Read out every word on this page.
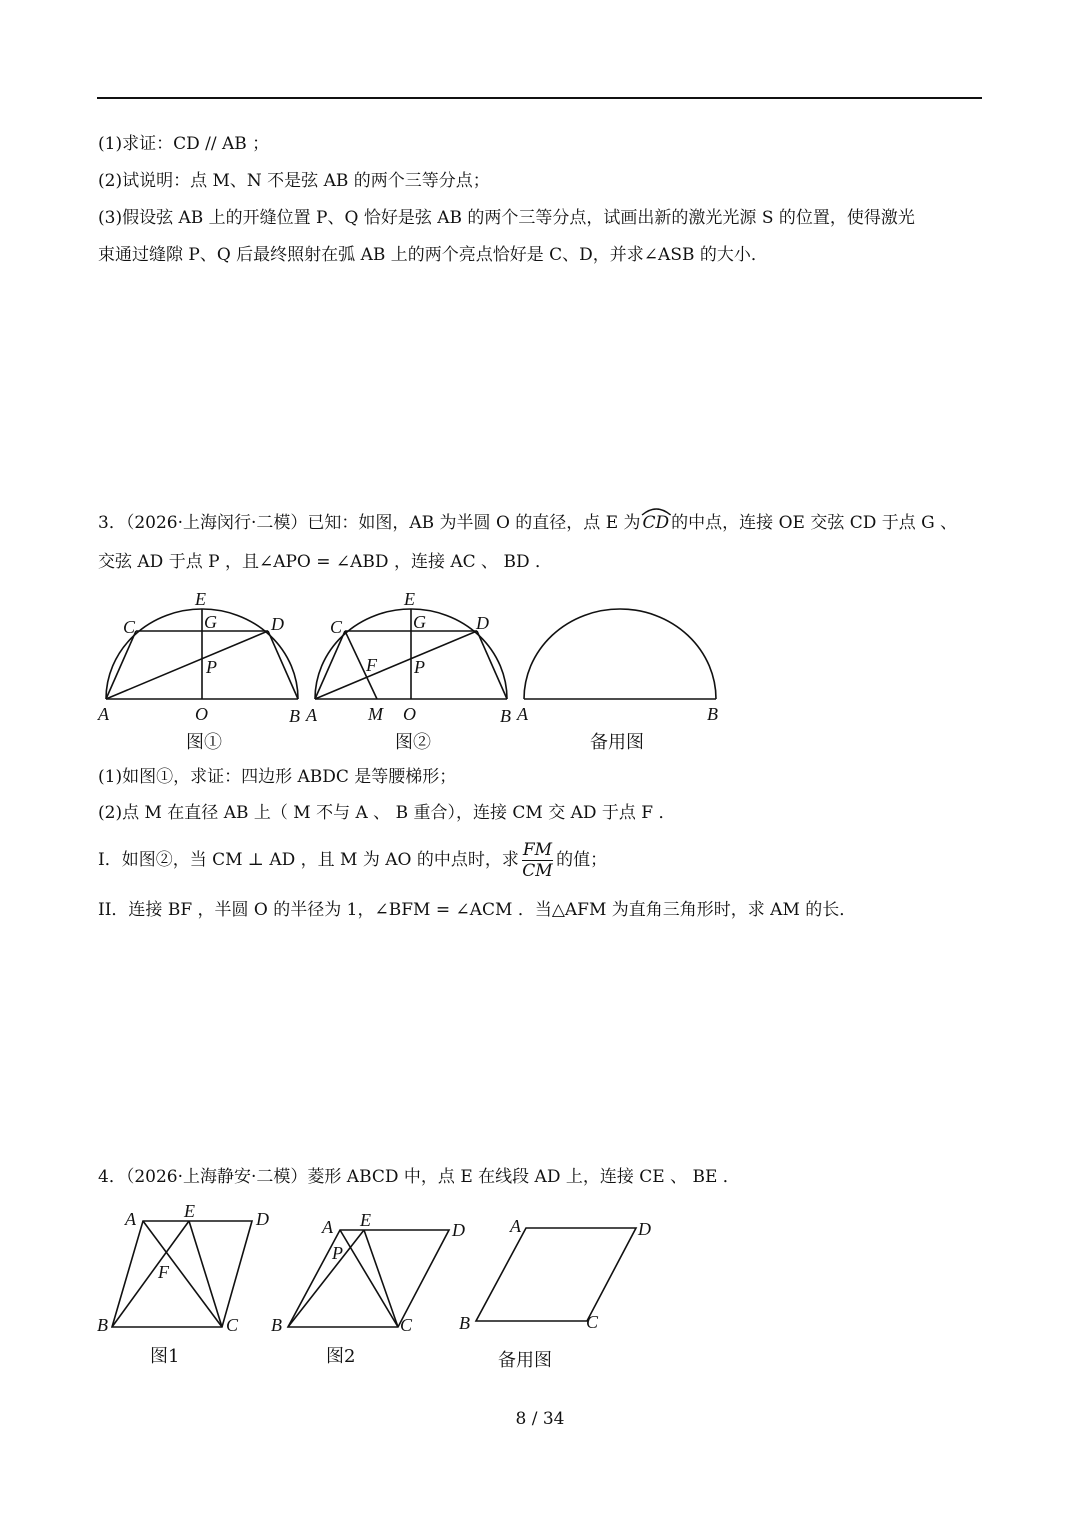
(1)求证：CD // AB ；
(2)试说明：点 M、N 不是弦 AB 的两个三等分点；
(3)假设弦 AB 上的开缝位置 P、Q 恰好是弦 AB 的两个三等分点，试画出新的激光光源 S 的位置，使得激光
束通过缝隙 P、Q 后最终照射在弧 AB 上的两个亮点恰好是 C、D，并求∠ASB 的大小．
3．（2026·上海闵行·二模）已知：如图，AB 为半圆 O 的直径，点 E 为 CD 的中点，连接 OE 交弦 CD 于点 G 、
交弦 AD 于点 P ，且∠APO = ∠ABD ，连接 AC 、 BD ．
E
C	G	D
P
A	O	B
图①
E
C	G	D
F P
A	M O	B
图②
A	B
备用图
(1)如图①，求证：四边形 ABDC 是等腰梯形；
(2)点 M 在直径 AB 上（ M 不与 A 、 B 重合），连接 CM 交 AD 于点 F ．
I．如图②，当 CM ⊥ AD ，且 M 为 AO 的中点时，求 $\frac{FM}{CM}$ 的值；
II．连接 BF ，半圆 O 的半径为 1，∠BFM = ∠ACM ．当△AFM 为直角三角形时，求 AM 的长．
4．（2026·上海静安·二模）菱形 ABCD 中，点 E 在线段 AD 上，连接 CE 、 BE ．
A	E	D
F
B	C
图1
A E	D
P
B	C
图2
A	D
B	C
备用图
8 / 34
